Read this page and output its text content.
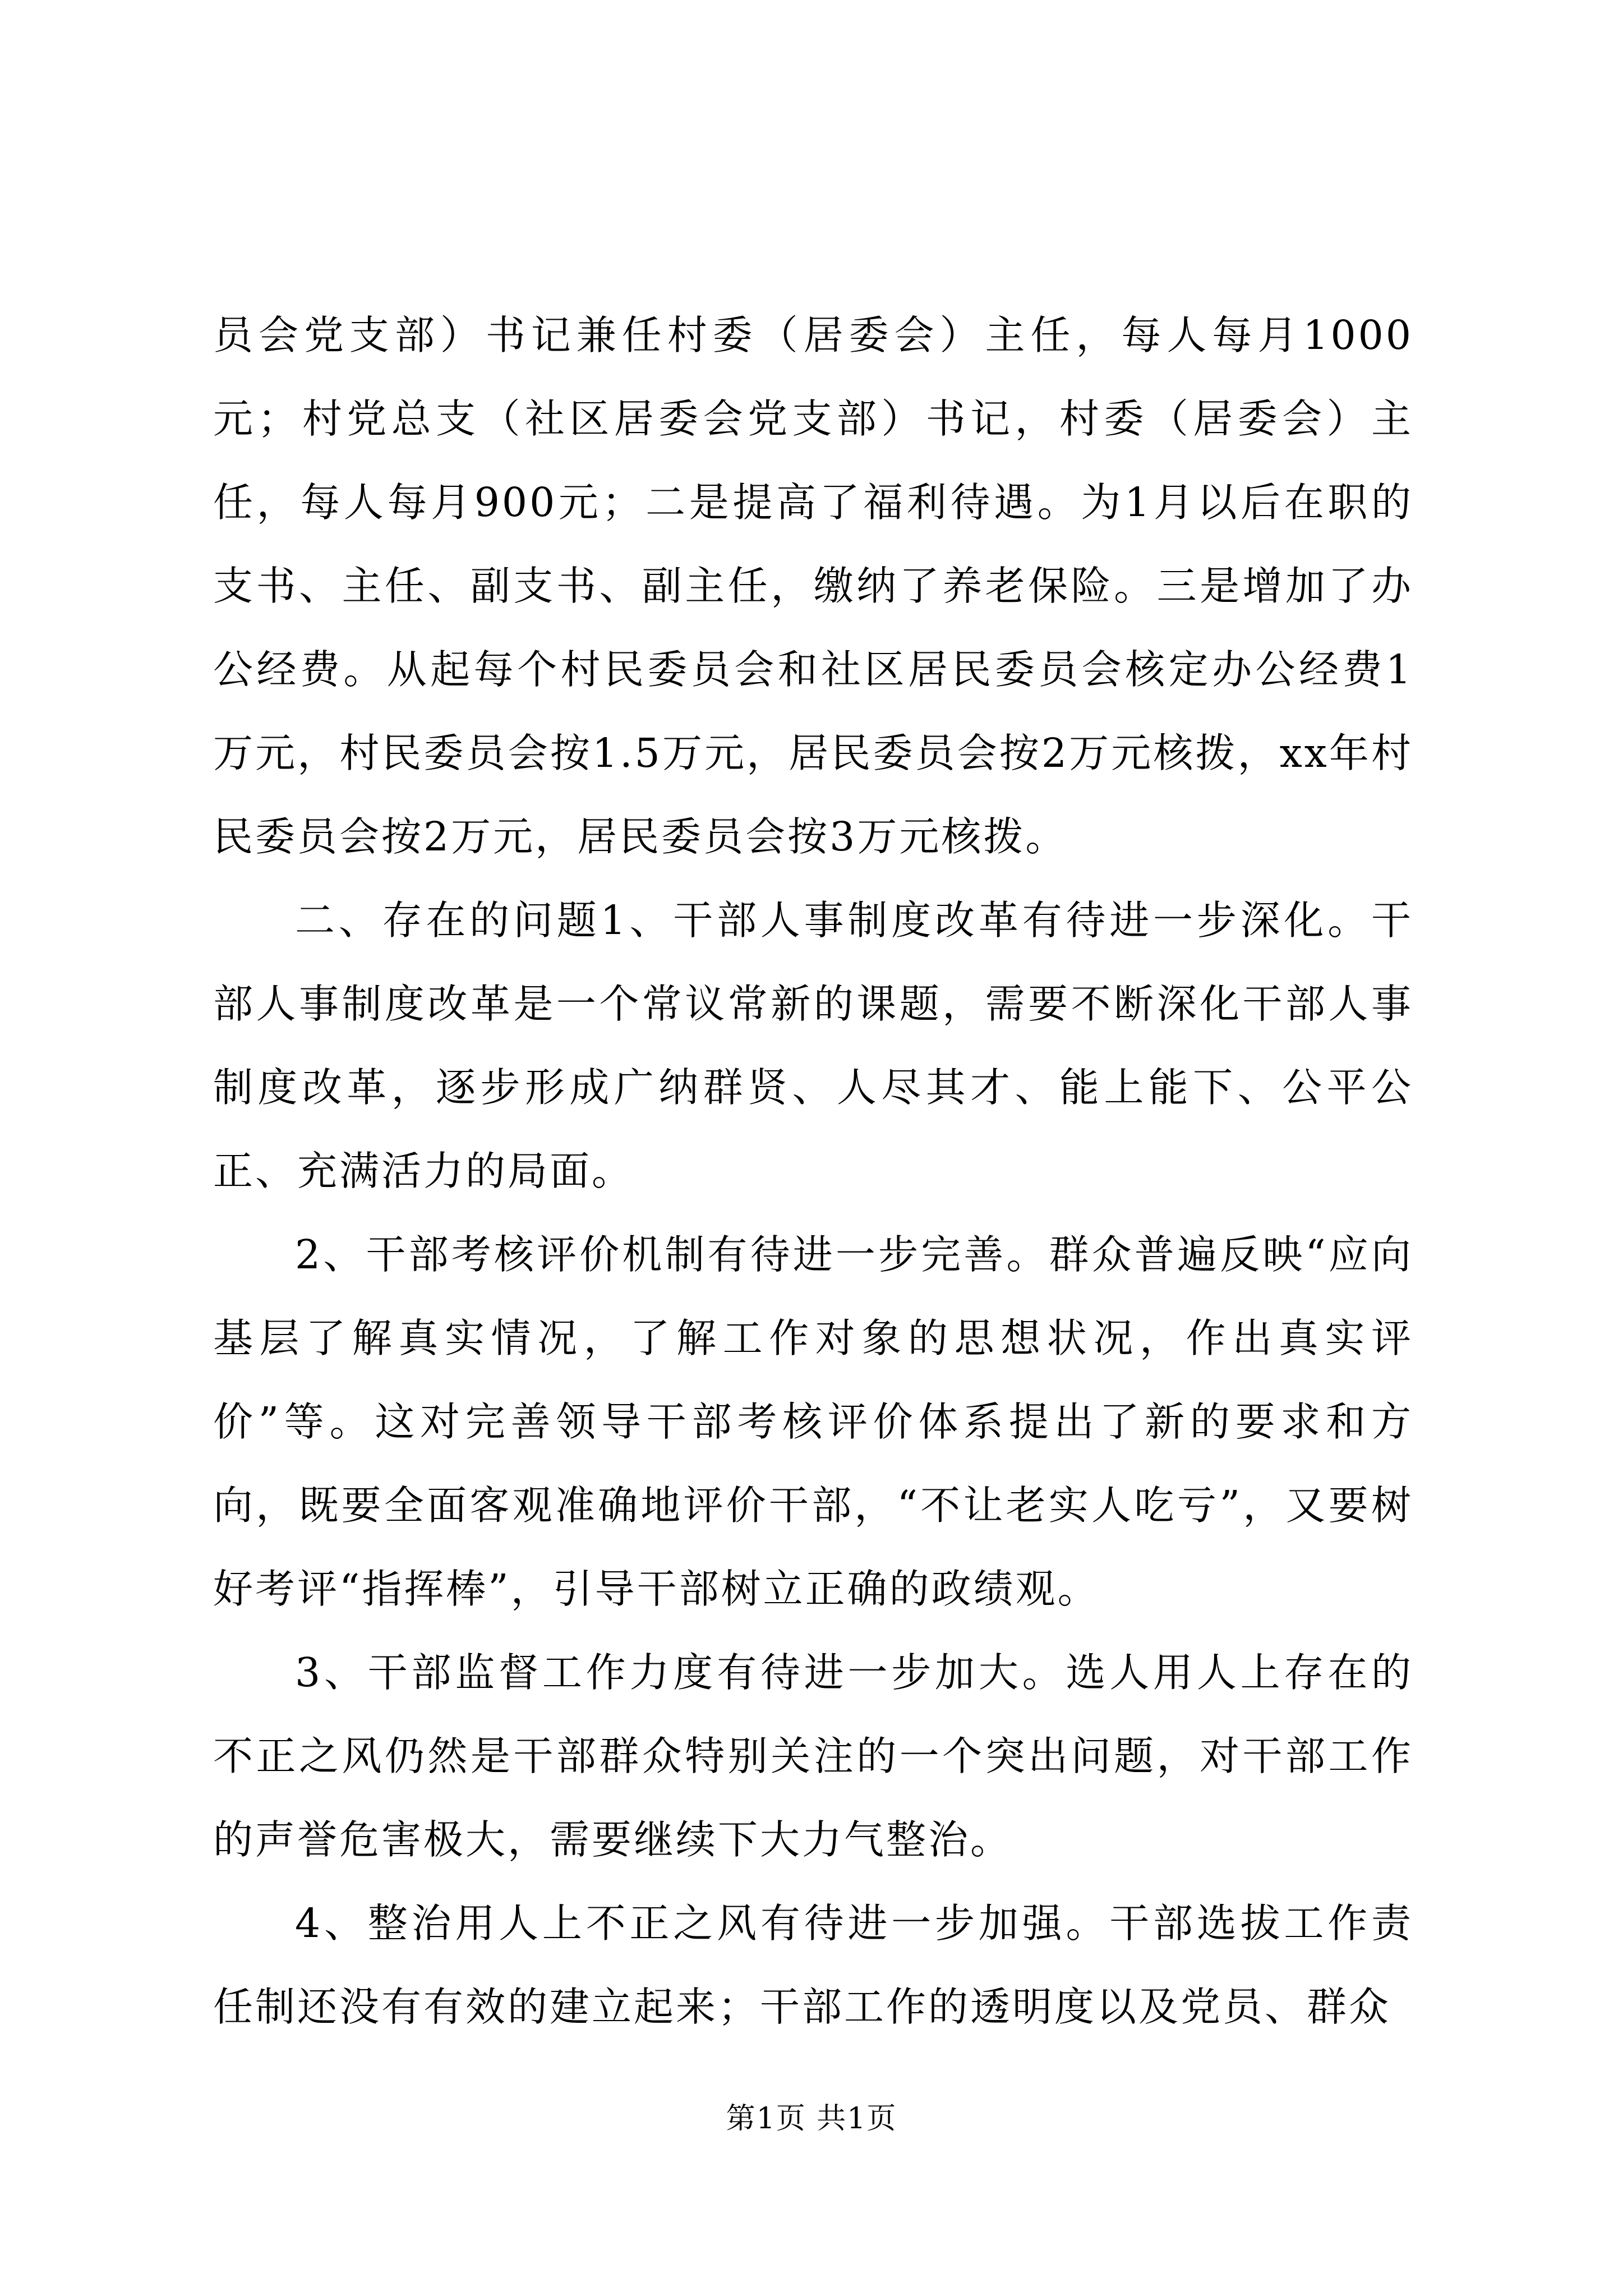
员会党支部）书记兼任村委（居委会）主任，每人每月1000元；村党总支（社区居委会党支部）书记，村委（居委会）主任，每人每月900元；二是提高了福利待遇。为1月以后在职的支书、主任、副支书、副主任，缴纳了养老保险。三是增加了办公经费。从起每个村民委员会和社区居民委员会核定办公经费1万元，村民委员会按1.5万元，居民委员会按2万元核拨，xx年村民委员会按2万元，居民委员会按3万元核拨。

二、存在的问题1、干部人事制度改革有待进一步深化。干部人事制度改革是一个常议常新的课题，需要不断深化干部人事制度改革，逐步形成广纳群贤、人尽其才、能上能下、公平公正、充满活力的局面。

2、干部考核评价机制有待进一步完善。群众普遍反映“应向基层了解真实情况，了解工作对象的思想状况，作出真实评价”等。这对完善领导干部考核评价体系提出了新的要求和方向，既要全面客观准确地评价干部，“不让老实人吃亏”，又要树好考评“指挥棒”，引导干部树立正确的政绩观。

3、干部监督工作力度有待进一步加大。选人用人上存在的不正之风仍然是干部群众特别关注的一个突出问题，对干部工作的声誉危害极大，需要继续下大力气整治。

4、整治用人上不正之风有待进一步加强。干部选拔工作责任制还没有有效的建立起来；干部工作的透明度以及党员、群众

第1页 共1页
